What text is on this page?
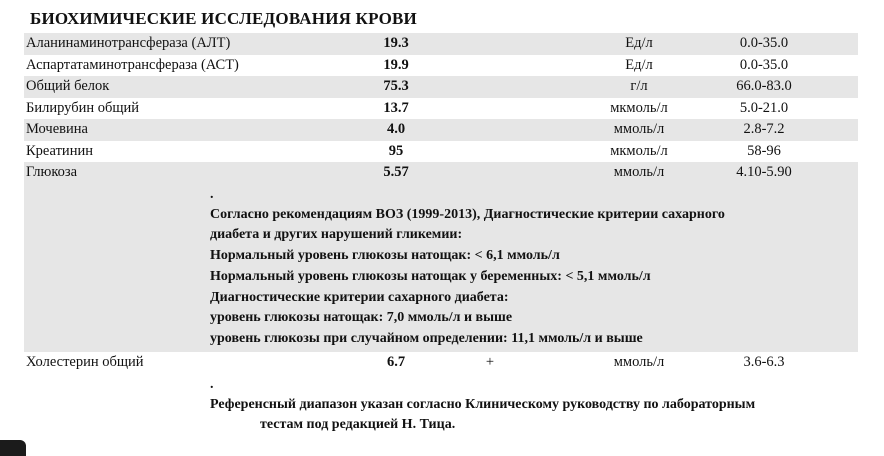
БИОХИМИЧЕСКИЕ ИССЛЕДОВАНИЯ КРОВИ
Аланинаминотрансфераза (АЛТ)	19.3	Ед/л	0.0-35.0
Аспартатаминотрансфераза (АСТ)	19.9	Ед/л	0.0-35.0
Общий белок	75.3	г/л	66.0-83.0
Билирубин общий	13.7	мкмоль/л	5.0-21.0
Мочевина	4.0	ммоль/л	2.8-7.2
Креатинин	95	мкмоль/л	58-96
Глюкоза	5.57	ммоль/л	4.10-5.90
.
Согласно рекомендациям ВОЗ (1999-2013), Диагностические критерии сахарного
диабета и других нарушений гликемии:
Нормальный уровень глюкозы натощак: < 6,1 ммоль/л
Нормальный уровень глюкозы натощак у беременных: < 5,1 ммоль/л
Диагностические критерии сахарного диабета:
уровень глюкозы натощак: 7,0 ммоль/л и выше
уровень глюкозы при случайном определении: 11,1 ммоль/л и выше
Холестерин общий	6.7	+	ммоль/л	3.6-6.3
.
Референсный диапазон указан согласно Клиническому руководству по лабораторным
тестам под редакцией Н. Тица.
